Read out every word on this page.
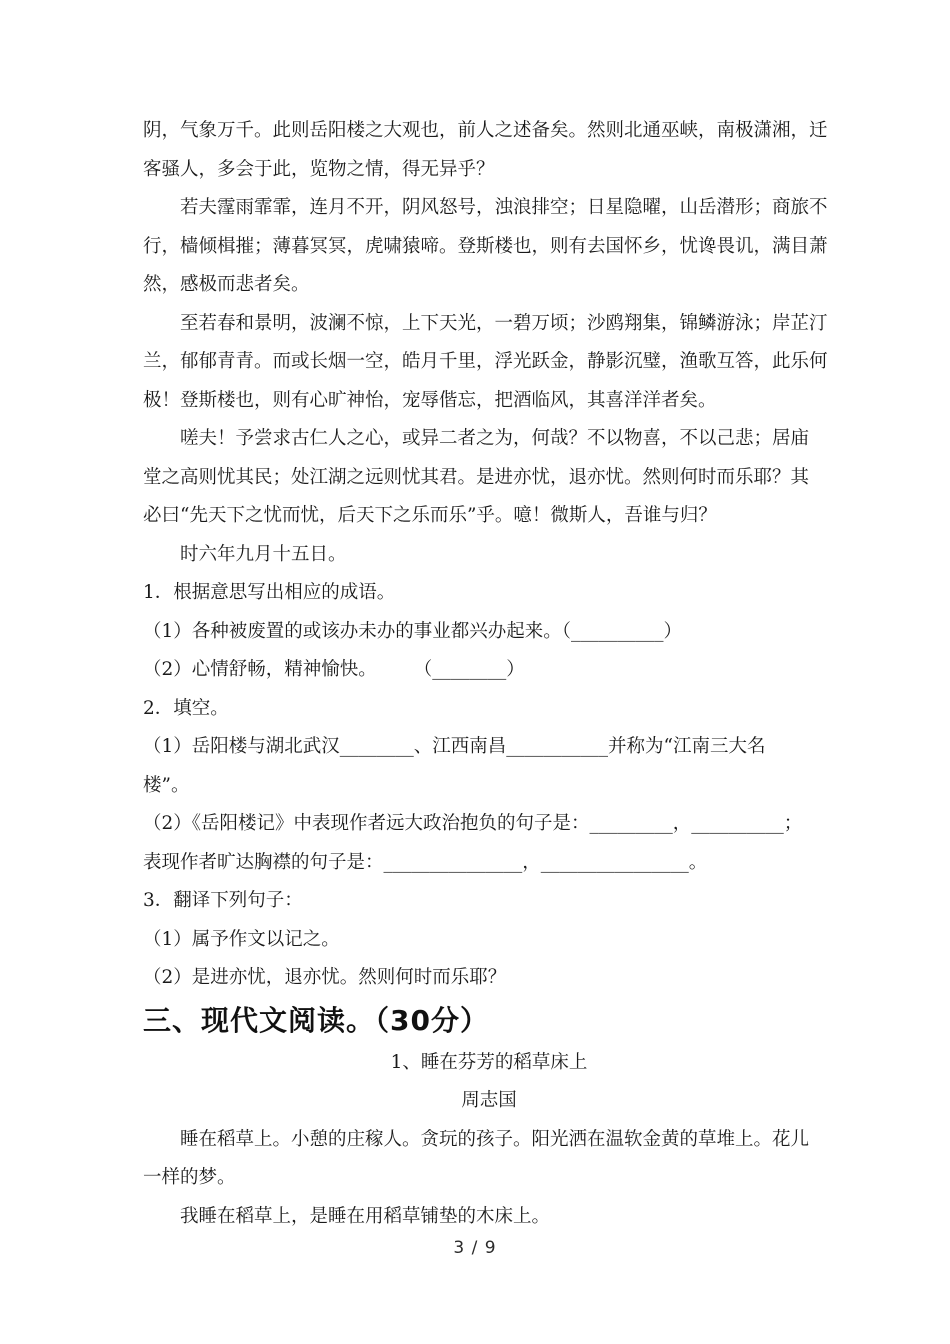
阴，气象万千。此则岳阳楼之大观也，前人之述备矣。然则北通巫峡，南极潇湘，迁
客骚人，多会于此，览物之情，得无异乎？
若夫霪雨霏霏，连月不开，阴风怒号，浊浪排空；日星隐曜，山岳潜形；商旅不
行，樯倾楫摧；薄暮冥冥，虎啸猿啼。登斯楼也，则有去国怀乡，忧谗畏讥，满目萧
然，感极而悲者矣。
至若春和景明，波澜不惊，上下天光，一碧万顷；沙鸥翔集，锦鳞游泳；岸芷汀
兰，郁郁青青。而或长烟一空，皓月千里，浮光跃金，静影沉璧，渔歌互答，此乐何
极！登斯楼也，则有心旷神怡，宠辱偕忘，把酒临风，其喜洋洋者矣。
嗟夫！予尝求古仁人之心，或异二者之为，何哉？不以物喜，不以己悲；居庙
堂之高则忧其民；处江湖之远则忧其君。是进亦忧，退亦忧。然则何时而乐耶？其
必曰“先天下之忧而忧，后天下之乐而乐”乎。噫！微斯人，吾谁与归？
时六年九月十五日。
1．根据意思写出相应的成语。
（1）各种被废置的或该办未办的事业都兴办起来。（__________）
（2）心情舒畅，精神愉快。　　　（________）
2．填空。
（1）岳阳楼与湖北武汉________、江西南昌___________并称为“江南三大名
楼”。
（2）《岳阳楼记》中表现作者远大政治抱负的句子是：_________，__________；
表现作者旷达胸襟的句子是：_______________，________________。
3．翻译下列句子：
（1）属予作文以记之。
（2）是进亦忧，退亦忧。然则何时而乐耶？
三、现代文阅读。（30分）
1、睡在芬芳的稻草床上
周志国
睡在稻草上。小憩的庄稼人。贪玩的孩子。阳光洒在温软金黄的草堆上。花儿
一样的梦。
我睡在稻草上，是睡在用稻草铺垫的木床上。
3 / 9
